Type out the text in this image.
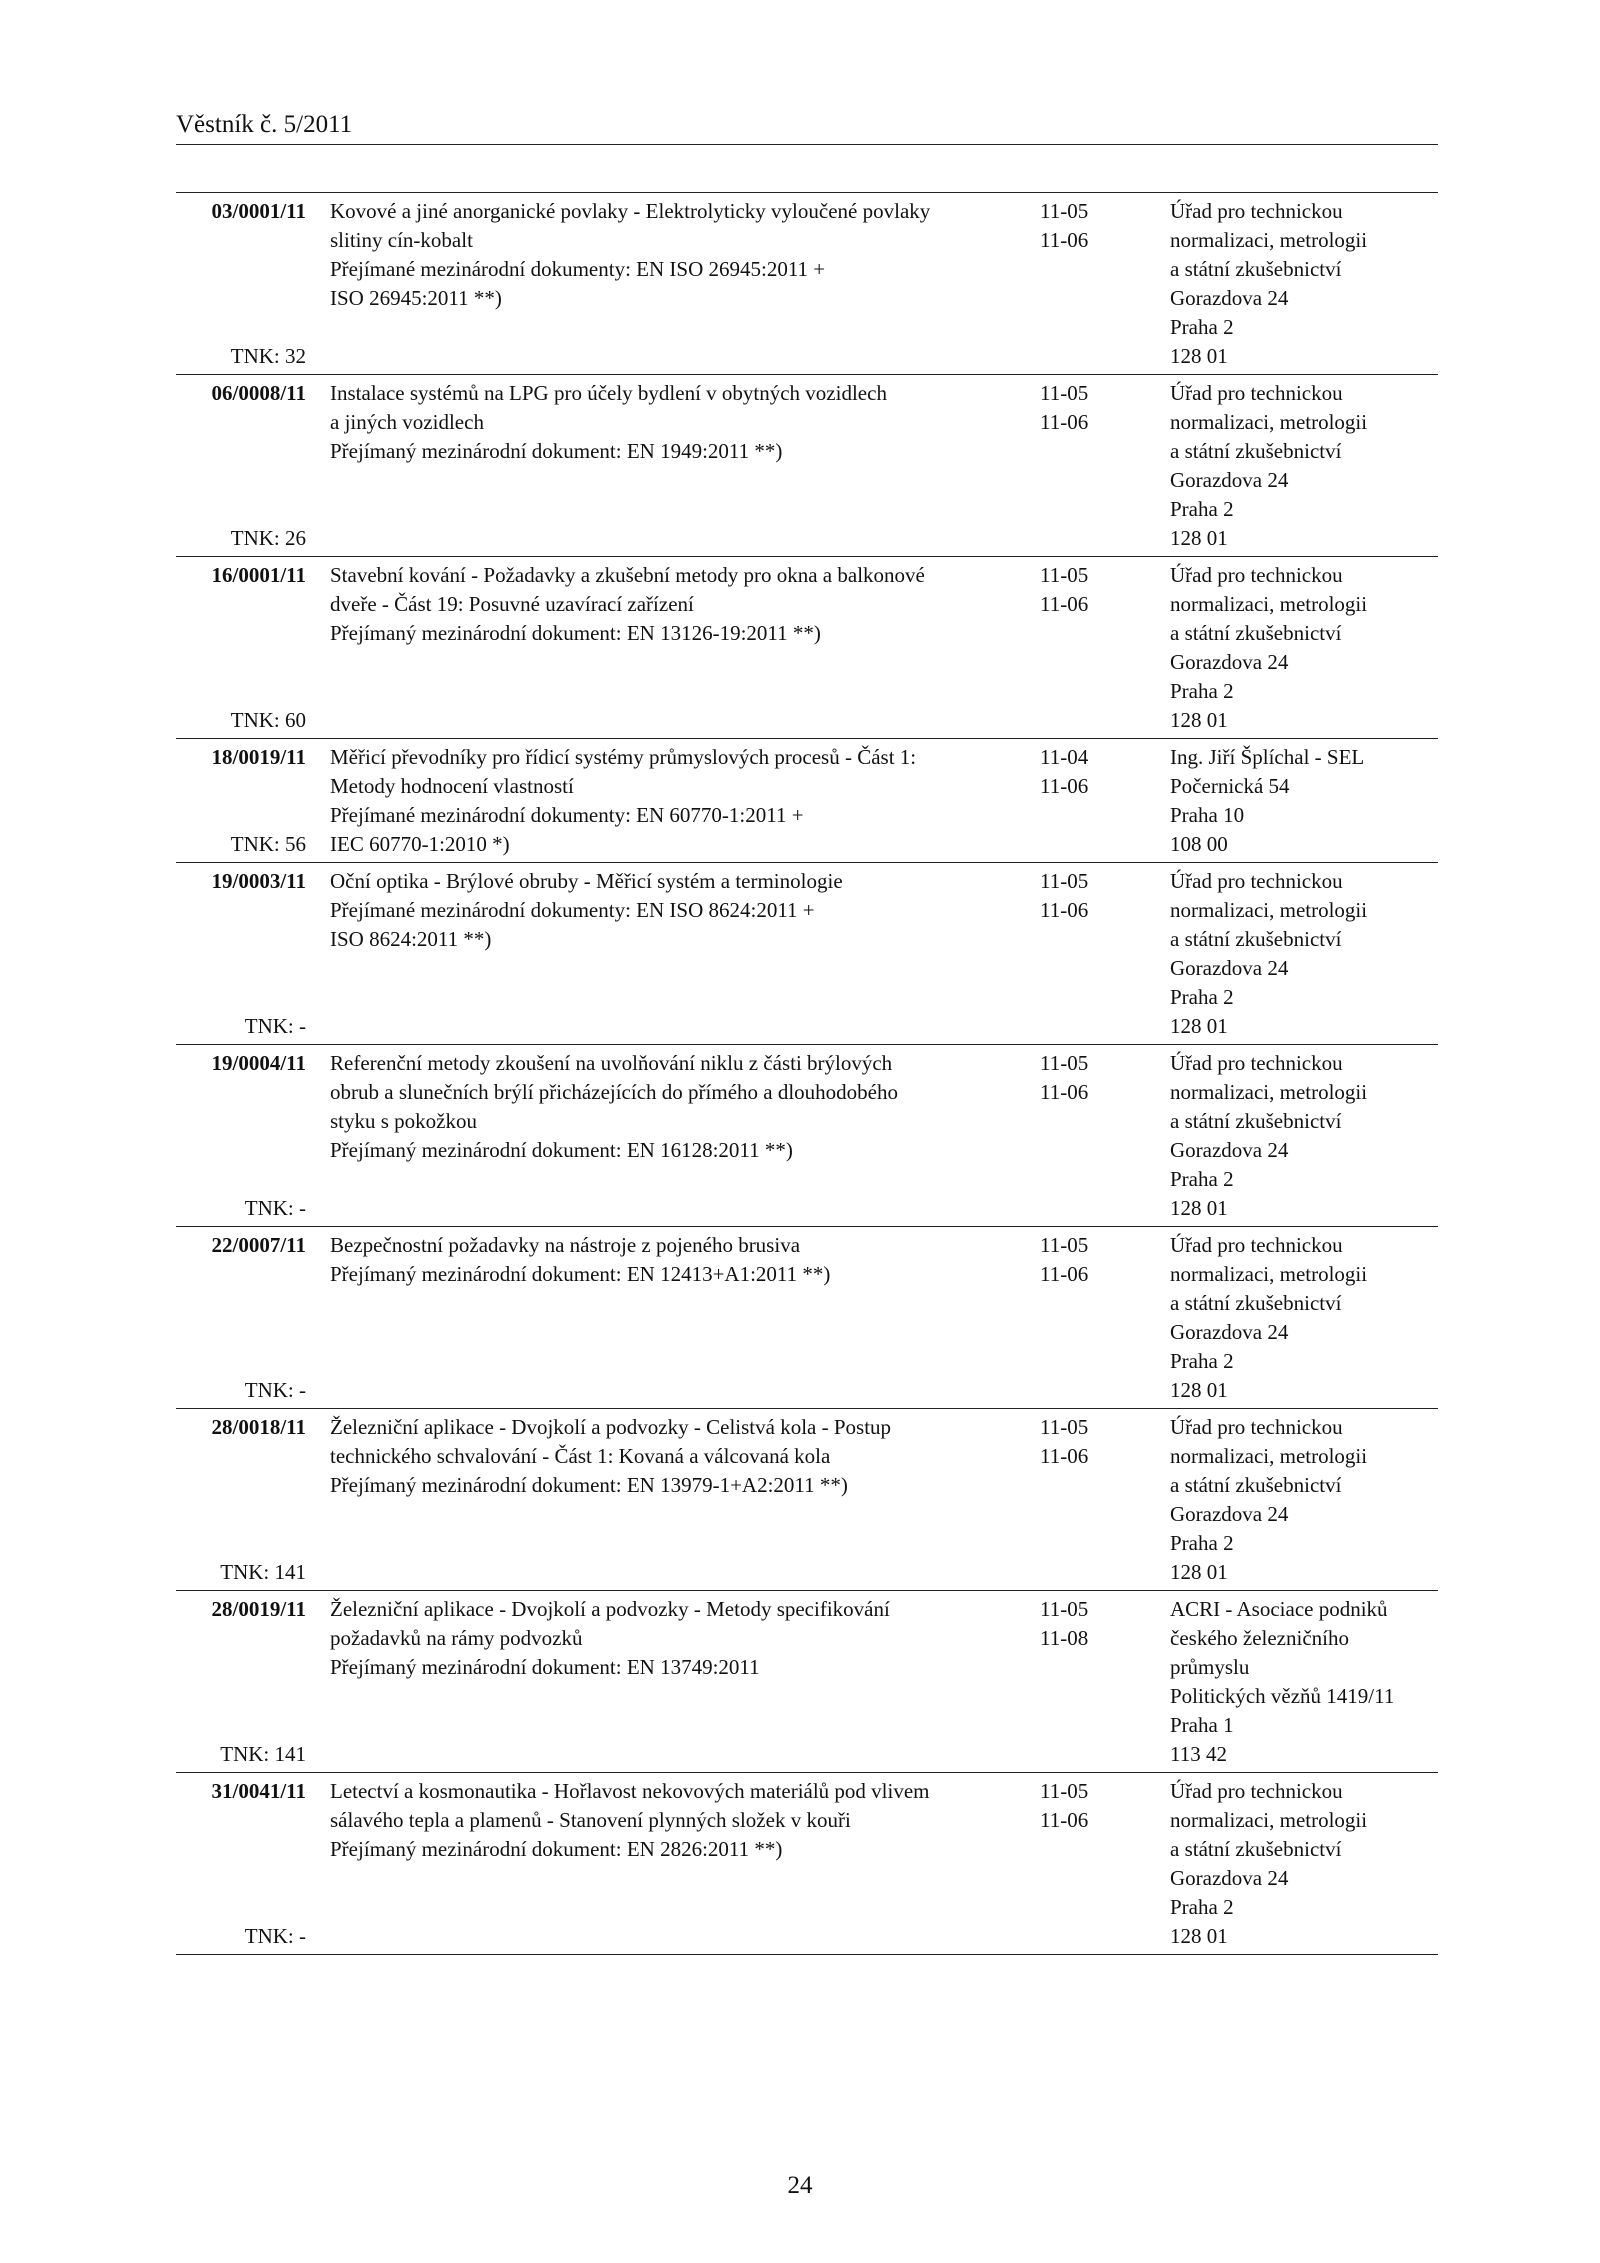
Věstník č. 5/2011
03/0001/11
TNK: 32
Kovové a jiné anorganické povlaky - Elektrolyticky vyloučené povlaky
slitiny cín-kobalt
Přejímané mezinárodní dokumenty: EN ISO 26945:2011 +
ISO 26945:2011 **)
11-05
11-06
Úřad pro technickou
normalizaci, metrologii
a státní zkušebnictví
Gorazdova 24
Praha 2
128 01
06/0008/11
TNK: 26
Instalace systémů na LPG pro účely bydlení v obytných vozidlech
a jiných vozidlech
Přejímaný mezinárodní dokument: EN 1949:2011 **)
11-05
11-06
Úřad pro technickou
normalizaci, metrologii
a státní zkušebnictví
Gorazdova 24
Praha 2
128 01
16/0001/11
TNK: 60
Stavební kování - Požadavky a zkušební metody pro okna a balkonové
dveře - Část 19: Posuvné uzavírací zařízení
Přejímaný mezinárodní dokument: EN 13126-19:2011 **)
11-05
11-06
Úřad pro technickou
normalizaci, metrologii
a státní zkušebnictví
Gorazdova 24
Praha 2
128 01
18/0019/11
TNK: 56
Měřicí převodníky pro řídicí systémy průmyslových procesů - Část 1:
Metody hodnocení vlastností
Přejímané mezinárodní dokumenty: EN 60770-1:2011 +
IEC 60770-1:2010 *)
11-04
11-06
Ing. Jiří Šplíchal - SEL
Počernická 54
Praha 10
108 00
19/0003/11
TNK: -
Oční optika - Brýlové obruby - Měřicí systém a terminologie
Přejímané mezinárodní dokumenty: EN ISO 8624:2011 +
ISO 8624:2011 **)
11-05
11-06
Úřad pro technickou
normalizaci, metrologii
a státní zkušebnictví
Gorazdova 24
Praha 2
128 01
19/0004/11
TNK: -
Referenční metody zkoušení na uvolňování niklu z části brýlových
obrub a slunečních brýlí přicházejících do přímého a dlouhodobého
styku s pokožkou
Přejímaný mezinárodní dokument: EN 16128:2011 **)
11-05
11-06
Úřad pro technickou
normalizaci, metrologii
a státní zkušebnictví
Gorazdova 24
Praha 2
128 01
22/0007/11
TNK: -
Bezpečnostní požadavky na nástroje z pojeného brusiva
Přejímaný mezinárodní dokument: EN 12413+A1:2011 **)
11-05
11-06
Úřad pro technickou
normalizaci, metrologii
a státní zkušebnictví
Gorazdova 24
Praha 2
128 01
28/0018/11
TNK: 141
Železniční aplikace - Dvojkolí a podvozky - Celistvá kola - Postup
technického schvalování - Část 1: Kovaná a válcovaná kola
Přejímaný mezinárodní dokument: EN 13979-1+A2:2011 **)
11-05
11-06
Úřad pro technickou
normalizaci, metrologii
a státní zkušebnictví
Gorazdova 24
Praha 2
128 01
28/0019/11
TNK: 141
Železniční aplikace - Dvojkolí a podvozky - Metody specifikování
požadavků na rámy podvozků
Přejímaný mezinárodní dokument: EN 13749:2011
11-05
11-08
ACRI - Asociace podniků
českého železničního
průmyslu
Politických vězňů 1419/11
Praha 1
113 42
31/0041/11
TNK: -
Letectví a kosmonautika - Hořlavost nekovových materiálů pod vlivem
sálavého tepla a plamenů - Stanovení plynných složek v kouři
Přejímaný mezinárodní dokument: EN 2826:2011 **)
11-05
11-06
Úřad pro technickou
normalizaci, metrologii
a státní zkušebnictví
Gorazdova 24
Praha 2
128 01
24
